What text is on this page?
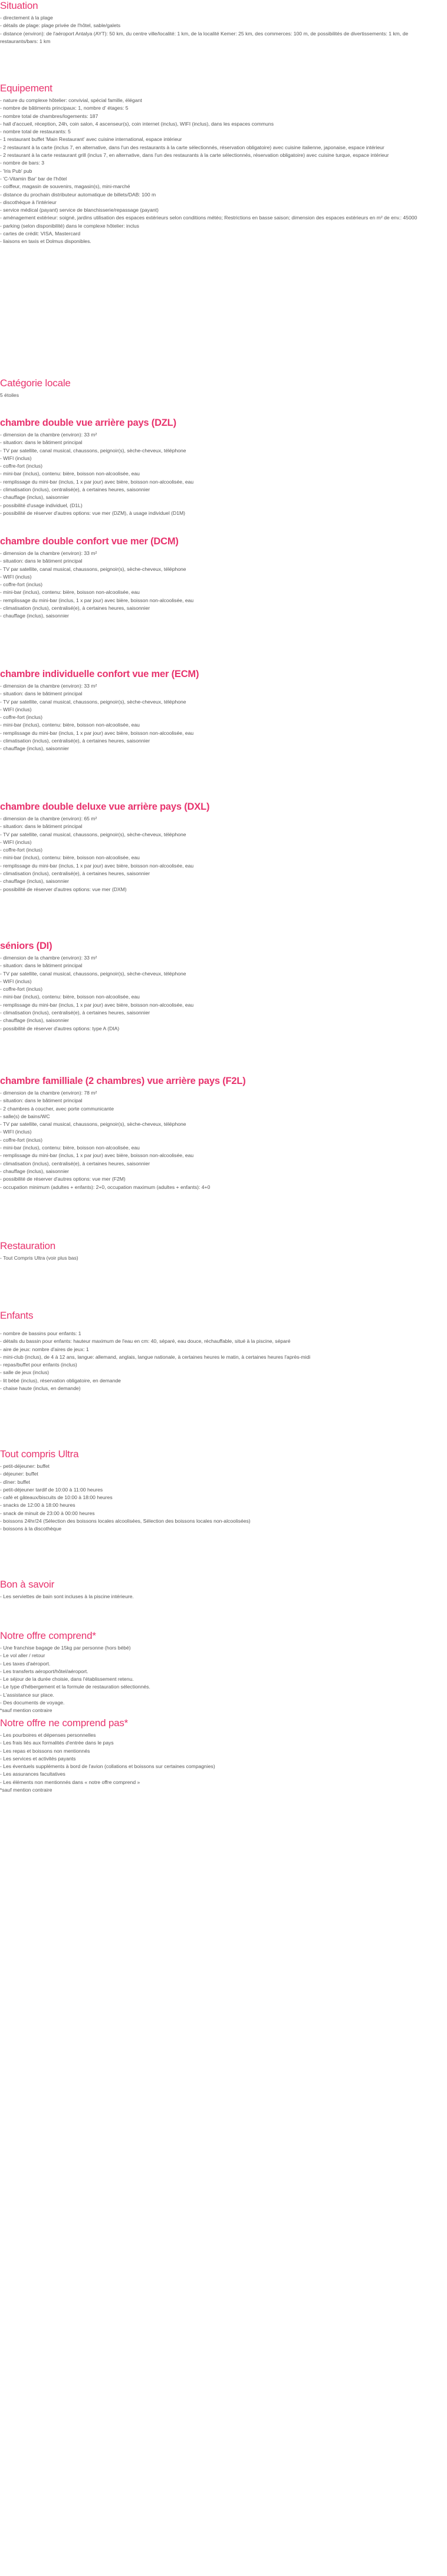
Situation
- directement à la plage
- détails de plage: plage privée de l'hôtel, sable/galets
- distance (environ): de l'aéroport Antalya (AYT): 50 km, du centre ville/localité: 1 km, de la localité Kemer: 25 km, des commerces: 100 m, de possibilités de divertissements: 1 km, de restaurants/bars: 1 km
Equipement
- nature du complexe hôtelier: convivial, spécial famille, élégant
- nombre de bâtiments principaux: 1, nombre d' étages: 5
- nombre total de chambres/logements: 187
- hall d'accueil, réception, 24h, coin salon, 4 ascenseur(s), coin internet (inclus), WIFI (inclus), dans les espaces communs
- nombre total de restaurants: 5
- 1 restaurant buffet 'Main Restaurant' avec cuisine international, espace intérieur
- 2 restaurant à la carte (inclus 7, en alternative, dans l'un des restaurants à la carte sélectionnés, réservation obligatoire) avec cuisine italienne, japonaise, espace intérieur
- 2 restaurant à la carte restaurant grill (inclus 7, en alternative, dans l'un des restaurants à la carte sélectionnés, réservation obligatoire) avec cuisine turque, espace intérieur
- nombre de bars: 3
- 'Iris Pub' pub
- 'C-Vitamin Bar' bar de l'hôtel
- coiffeur, magasin de souvenirs, magasin(s), mini-marché
- distance du prochain distributeur automatique de billets/DAB: 100 m
- discothèque à l'intérieur
- service médical (payant) service de blanchisserie/repassage (payant)
- aménagement extérieur: soigné, jardins utilisation des espaces extérieurs selon conditions météo; Restrictions en basse saison; dimension des espaces extérieurs en m² de env.: 45000
- parking (selon disponibilité) dans le complexe hôtelier: inclus
- cartes de crédit: VISA, Mastercard
- liaisons en taxis et Dolmus disponibles.
Catégorie locale
5 étoiles
chambre double vue arrière pays (DZL)
- dimension de la chambre (environ): 33 m²
- situation: dans le bâtiment principal
- TV par satellite, canal musical, chaussons, peignoir(s), sèche-cheveux, téléphone
- WIFI (inclus)
- coffre-fort (inclus)
- mini-bar (inclus), contenu: bière, boisson non-alcoolisée, eau
- remplissage du mini-bar (inclus, 1 x par jour) avec bière, boisson non-alcoolisée, eau
- climatisation (inclus), centralisé(e), à certaines heures, saisonnier
- chauffage (inclus), saisonnier
- possibilité d'usage individuel, (D1L)
- possibilité de réserver d'autres options: vue mer (DZM), à usage individuel (D1M)
chambre double confort vue mer (DCM)
- dimension de la chambre (environ): 33 m²
- situation: dans le bâtiment principal
- TV par satellite, canal musical, chaussons, peignoir(s), sèche-cheveux, téléphone
- WIFI (inclus)
- coffre-fort (inclus)
- mini-bar (inclus), contenu: bière, boisson non-alcoolisée, eau
- remplissage du mini-bar (inclus, 1 x par jour) avec bière, boisson non-alcoolisée, eau
- climatisation (inclus), centralisé(e), à certaines heures, saisonnier
- chauffage (inclus), saisonnier
chambre individuelle confort vue mer (ECM)
- dimension de la chambre (environ): 33 m²
- situation: dans le bâtiment principal
- TV par satellite, canal musical, chaussons, peignoir(s), sèche-cheveux, téléphone
- WIFI (inclus)
- coffre-fort (inclus)
- mini-bar (inclus), contenu: bière, boisson non-alcoolisée, eau
- remplissage du mini-bar (inclus, 1 x par jour) avec bière, boisson non-alcoolisée, eau
- climatisation (inclus), centralisé(e), à certaines heures, saisonnier
- chauffage (inclus), saisonnier
chambre double deluxe vue arrière pays (DXL)
- dimension de la chambre (environ): 65 m²
- situation: dans le bâtiment principal
- TV par satellite, canal musical, chaussons, peignoir(s), sèche-cheveux, téléphone
- WIFI (inclus)
- coffre-fort (inclus)
- mini-bar (inclus), contenu: bière, boisson non-alcoolisée, eau
- remplissage du mini-bar (inclus, 1 x par jour) avec bière, boisson non-alcoolisée, eau
- climatisation (inclus), centralisé(e), à certaines heures, saisonnier
- chauffage (inclus), saisonnier
- possibilité de réserver d'autres options: vue mer (DXM)
séniors (DI)
- dimension de la chambre (environ): 33 m²
- situation: dans le bâtiment principal
- TV par satellite, canal musical, chaussons, peignoir(s), sèche-cheveux, téléphone
- WIFI (inclus)
- coffre-fort (inclus)
- mini-bar (inclus), contenu: bière, boisson non-alcoolisée, eau
- remplissage du mini-bar (inclus, 1 x par jour) avec bière, boisson non-alcoolisée, eau
- climatisation (inclus), centralisé(e), à certaines heures, saisonnier
- chauffage (inclus), saisonnier
- possibilité de réserver d'autres options: type A (DIA)
chambre familliale (2 chambres) vue arrière pays (F2L)
- dimension de la chambre (environ): 78 m²
- situation: dans le bâtiment principal
- 2 chambres à coucher, avec porte communicante
- salle(s) de bains/WC
- TV par satellite, canal musical, chaussons, peignoir(s), sèche-cheveux, téléphone
- WIFI (inclus)
- coffre-fort (inclus)
- mini-bar (inclus), contenu: bière, boisson non-alcoolisée, eau
- remplissage du mini-bar (inclus, 1 x par jour) avec bière, boisson non-alcoolisée, eau
- climatisation (inclus), centralisé(e), à certaines heures, saisonnier
- chauffage (inclus), saisonnier
- possibilité de réserver d'autres options: vue mer (F2M)
- occupation minimum (adultes + enfants): 2+0, occupation maximum (adultes + enfants): 4+0
Restauration
- Tout Compris Ultra (voir plus bas)
Enfants
- nombre de bassins pour enfants: 1
- détails du bassin pour enfants: hauteur maximum de l'eau en cm: 40, séparé, eau douce, réchauffable, situé à la piscine, séparé
- aire de jeux: nombre d'aires de jeux: 1
- mini-club (inclus), de 4 à 12 ans, langue: allemand, anglais, langue nationale, à certaines heures le matin, à certaines heures l'après-midi
- repas/buffet pour enfants (inclus)
- salle de jeux (inclus)
- lit bébé (inclus), réservation obligatoire, en demande
- chaise haute (inclus, en demande)
Tout compris Ultra
- petit-déjeuner: buffet
- déjeuner: buffet
- dîner: buffet
- petit-déjeuner tardif de 10:00 à 11:00 heures
- café et gâteaux/biscuits de 10:00 à 18:00 heures
- snacks de 12:00 à 18:00 heures
- snack de minuit de 23:00 à 00:00 heures
- boissons 24hr/24 (Sélection des boissons locales alcoolisées, Sélection des boissons locales non-alcoolisées)
- boissons à la discothèque
Bon à savoir
- Les serviettes de bain sont incluses à la piscine intérieure.
Notre offre comprend*
- Une franchise bagage de 15kg par personne (hors bébé)
- Le vol aller / retour
- Les taxes d'aéroport.
- Les transferts aéroport/hôtel/aéroport.
- Le séjour de la durée choisie, dans l'établissement retenu.
- Le type d'hébergement et la formule de restauration sélectionnés.
- L'assistance sur place.
- Des documents de voyage.
*sauf mention contraire
Notre offre ne comprend pas*
- Les pourboires et dépenses personnelles
- Les frais liés aux formalités d'entrée dans le pays
- Les repas et boissons non mentionnés
- Les services et activités payants
- Les éventuels suppléments à bord de l'avion (collations et boissons sur certaines compagnies)
- Les assurances facultatives
- Les éléments non mentionnés dans « notre offre comprend »
*sauf mention contraire
